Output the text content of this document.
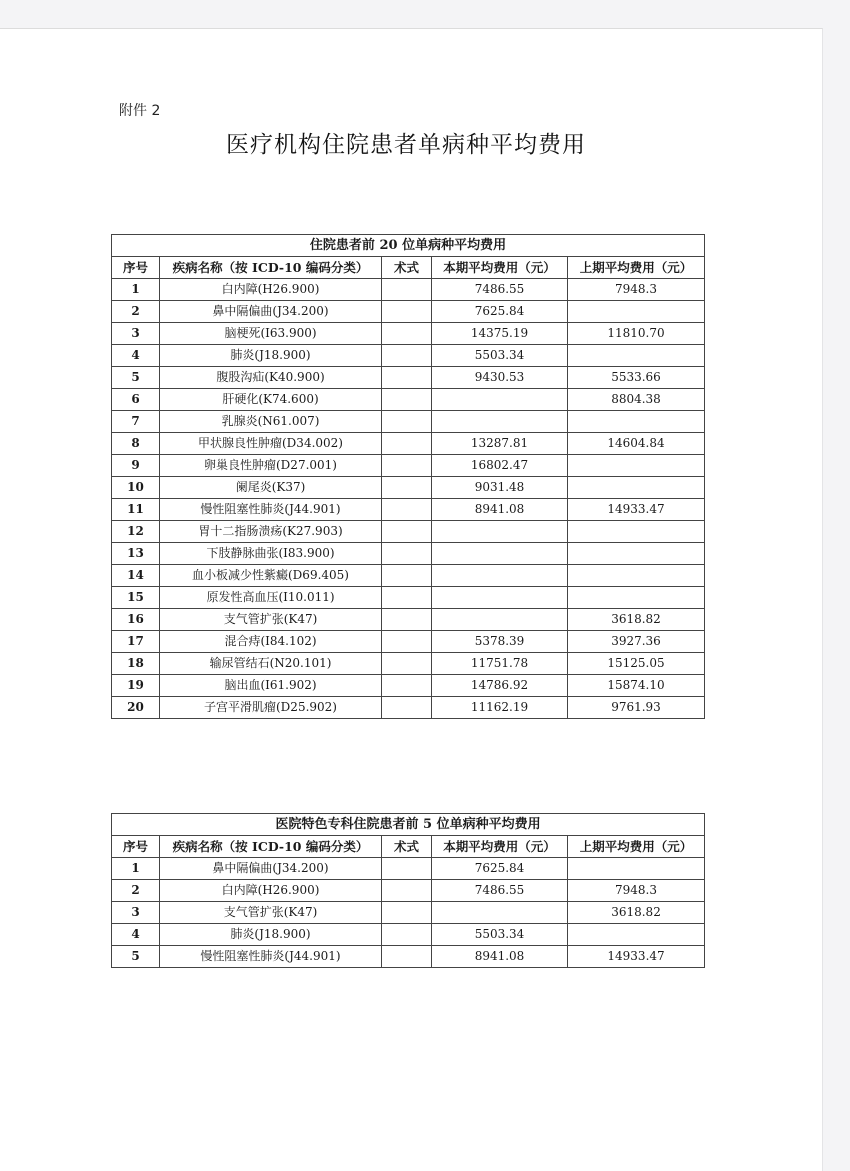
附件 2
医疗机构住院患者单病种平均费用
住院患者前 20 位单病种平均费用				
序号	疾病名称（按 ICD-10 编码分类）	术式	本期平均费用（元）	上期平均费用（元）
1	白内障(H26.900)		7486.55	7948.3
2	鼻中隔偏曲(J34.200)		7625.84	
3	脑梗死(I63.900)		14375.19	11810.70
4	肺炎(J18.900)		5503.34	
5	腹股沟疝(K40.900)		9430.53	5533.66
6	肝硬化(K74.600)			8804.38
7	乳腺炎(N61.007)			
8	甲状腺良性肿瘤(D34.002)		13287.81	14604.84
9	卵巢良性肿瘤(D27.001)		16802.47	
10	阑尾炎(K37)		9031.48	
11	慢性阻塞性肺炎(J44.901)		8941.08	14933.47
12	胃十二指肠溃疡(K27.903)			
13	下肢静脉曲张(I83.900)			
14	血小板减少性紫癜(D69.405)			
15	原发性高血压(I10.011)			
16	支气管扩张(K47)			3618.82
17	混合痔(I84.102)		5378.39	3927.36
18	输尿管结石(N20.101)		11751.78	15125.05
19	脑出血(I61.902)		14786.92	15874.10
20	子宫平滑肌瘤(D25.902)		11162.19	9761.93
医院特色专科住院患者前 5 位单病种平均费用				
序号	疾病名称（按 ICD-10 编码分类）	术式	本期平均费用（元）	上期平均费用（元）
1	鼻中隔偏曲(J34.200)		7625.84	
2	白内障(H26.900)		7486.55	7948.3
3	支气管扩张(K47)			3618.82
4	肺炎(J18.900)		5503.34	
5	慢性阻塞性肺炎(J44.901)		8941.08	14933.47
